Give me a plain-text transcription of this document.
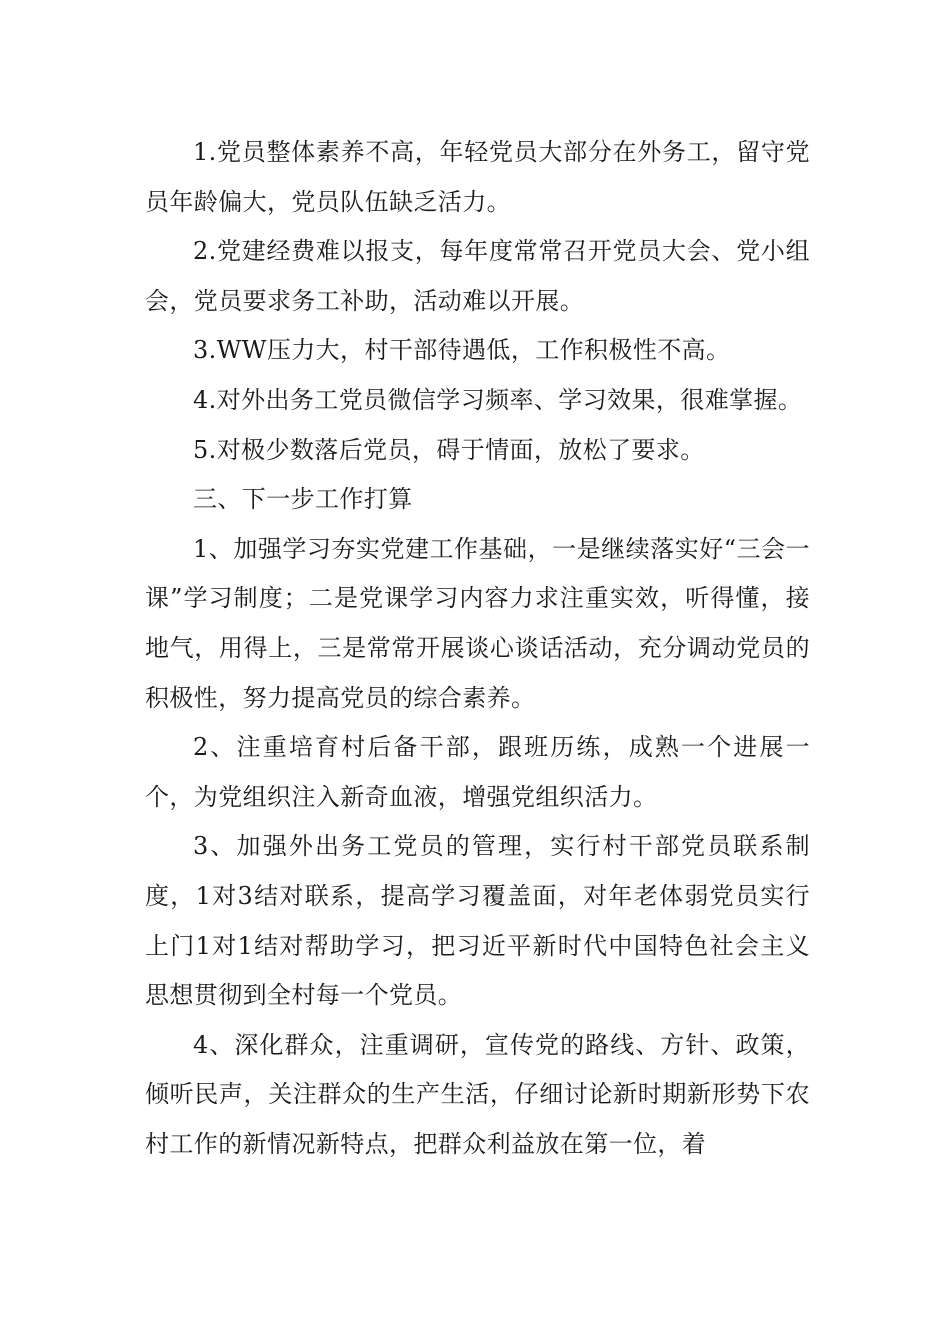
1.党员整体素养不高，年轻党员大部分在外务工，留守党员年龄偏大，党员队伍缺乏活力。

2.党建经费难以报支，每年度常常召开党员大会、党小组会，党员要求务工补助，活动难以开展。

3.WW压力大，村干部待遇低，工作积极性不高。

4.对外出务工党员微信学习频率、学习效果，很难掌握。

5.对极少数落后党员，碍于情面，放松了要求。

三、下一步工作打算

1、加强学习夯实党建工作基础，一是继续落实好“三会一课”学习制度；二是党课学习内容力求注重实效，听得懂，接地气，用得上，三是常常开展谈心谈话活动，充分调动党员的积极性，努力提高党员的综合素养。

2、注重培育村后备干部，跟班历练，成熟一个进展一个，为党组织注入新奇血液，增强党组织活力。

3、加强外出务工党员的管理，实行村干部党员联系制度，1对3结对联系，提高学习覆盖面，对年老体弱党员实行上门1对1结对帮助学习，把习近平新时代中国特色社会主义思想贯彻到全村每一个党员。

4、深化群众，注重调研，宣传党的路线、方针、政策，倾听民声，关注群众的生产生活，仔细讨论新时期新形势下农村工作的新情况新特点，把群众利益放在第一位，着
